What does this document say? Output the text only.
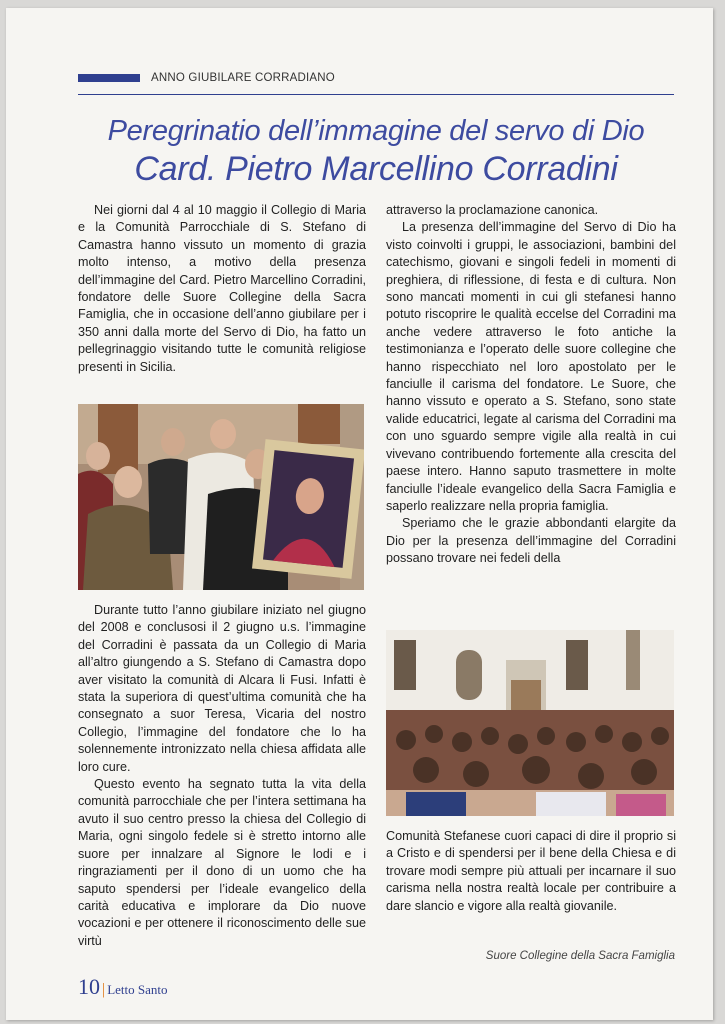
ANNO GIUBILARE CORRADIANO
Peregrinatio dell’immagine del servo di Dio
Card. Pietro Marcellino Corradini

Nei giorni dal 4 al 10 maggio il Collegio di Maria e la Comunità Parrocchiale di S. Stefano di Camastra hanno vissuto un momento di grazia molto intenso, a motivo della presenza dell’immagine del Card. Pietro Marcellino Corradini, fondatore delle Suore Collegine della Sacra Famiglia, che in occasione dell’anno giubilare per i 350 anni dalla morte del Servo di Dio, ha fatto un pellegrinaggio visitando tutte le comunità religiose presenti in Sicilia.

Durante tutto l’anno giubilare iniziato nel giugno del 2008 e conclusosi il 2 giugno u.s. l’immagine del Corradini è passata da un Collegio di Maria all’altro giungendo a S. Stefano di Camastra dopo aver visitato la comunità di Alcara li Fusi. Infatti è stata la superiora di quest’ultima comunità che ha consegnato a suor Teresa, Vicaria del nostro Collegio, l’immagine del fondatore che lo ha solennemente intronizzato nella chiesa affidata alle loro cure.

Questo evento ha segnato tutta la vita della comunità parrocchiale che per l’intera settimana ha avuto il suo centro presso la chiesa del Collegio di Maria, ogni singolo fedele si è stretto intorno alle suore per innalzare al Signore le lodi e i ringraziamenti per il dono di un uomo che ha saputo spendersi per l’ideale evangelico della carità educativa e implorare da Dio nuove vocazioni e per ottenere il riconoscimento delle sue virtù

attraverso la proclamazione canonica.

La presenza dell’immagine del Servo di Dio ha visto coinvolti i gruppi, le associazioni, bambini del catechismo, giovani e singoli fedeli in momenti di preghiera, di riflessione, di festa e di cultura. Non sono mancati momenti in cui gli stefanesi hanno potuto riscoprire le qualità eccelse del Corradini ma anche vedere attraverso le foto antiche la testimonianza e l’operato delle suore collegine che hanno rispecchiato nel loro apostolato per le fanciulle il carisma del fondatore. Le Suore, che hanno vissuto e operato a S. Stefano, sono state valide educatrici, legate al carisma del Corradini ma con uno sguardo sempre vigile alla realtà in cui vivevano contribuendo fortemente alla crescita del paese intero. Hanno saputo trasmettere in molte fanciulle l’ideale evangelico della Sacra Famiglia e saperlo realizzare nella propria famiglia.

Speriamo che le grazie abbondanti elargite da Dio per la presenza dell’immagine del Corradini possano trovare nei fedeli della

Comunità Stefanese cuori capaci di dire il proprio si a Cristo e di spendersi per il bene della Chiesa e di trovare modi sempre più attuali per incarnare il suo carisma nella nostra realtà locale per contribuire a dare slancio e vigore alla realtà giovanile.

Suore Collegine della Sacra Famiglia
10 | Letto Santo
